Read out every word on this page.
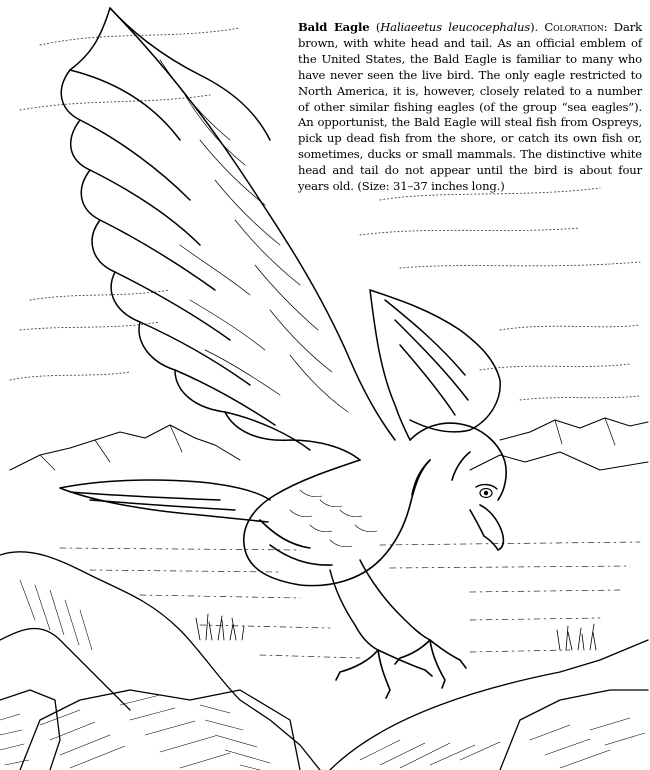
Bald Eagle (Haliaeetus leucocephalus). Coloration: Dark brown, with white head and tail. As an official emblem of the United States, the Bald Eagle is familiar to many who have never seen the live bird. The only eagle restricted to North America, it is, however, closely related to a number of other similar fishing eagles (of the group “sea eagles”). An opportunist, the Bald Eagle will steal fish from Ospreys, pick up dead fish from the shore, or catch its own fish or, sometimes, ducks or small mammals. The distinctive white head and tail do not appear until the bird is about four years old. (Size: 31–37 inches long.)
